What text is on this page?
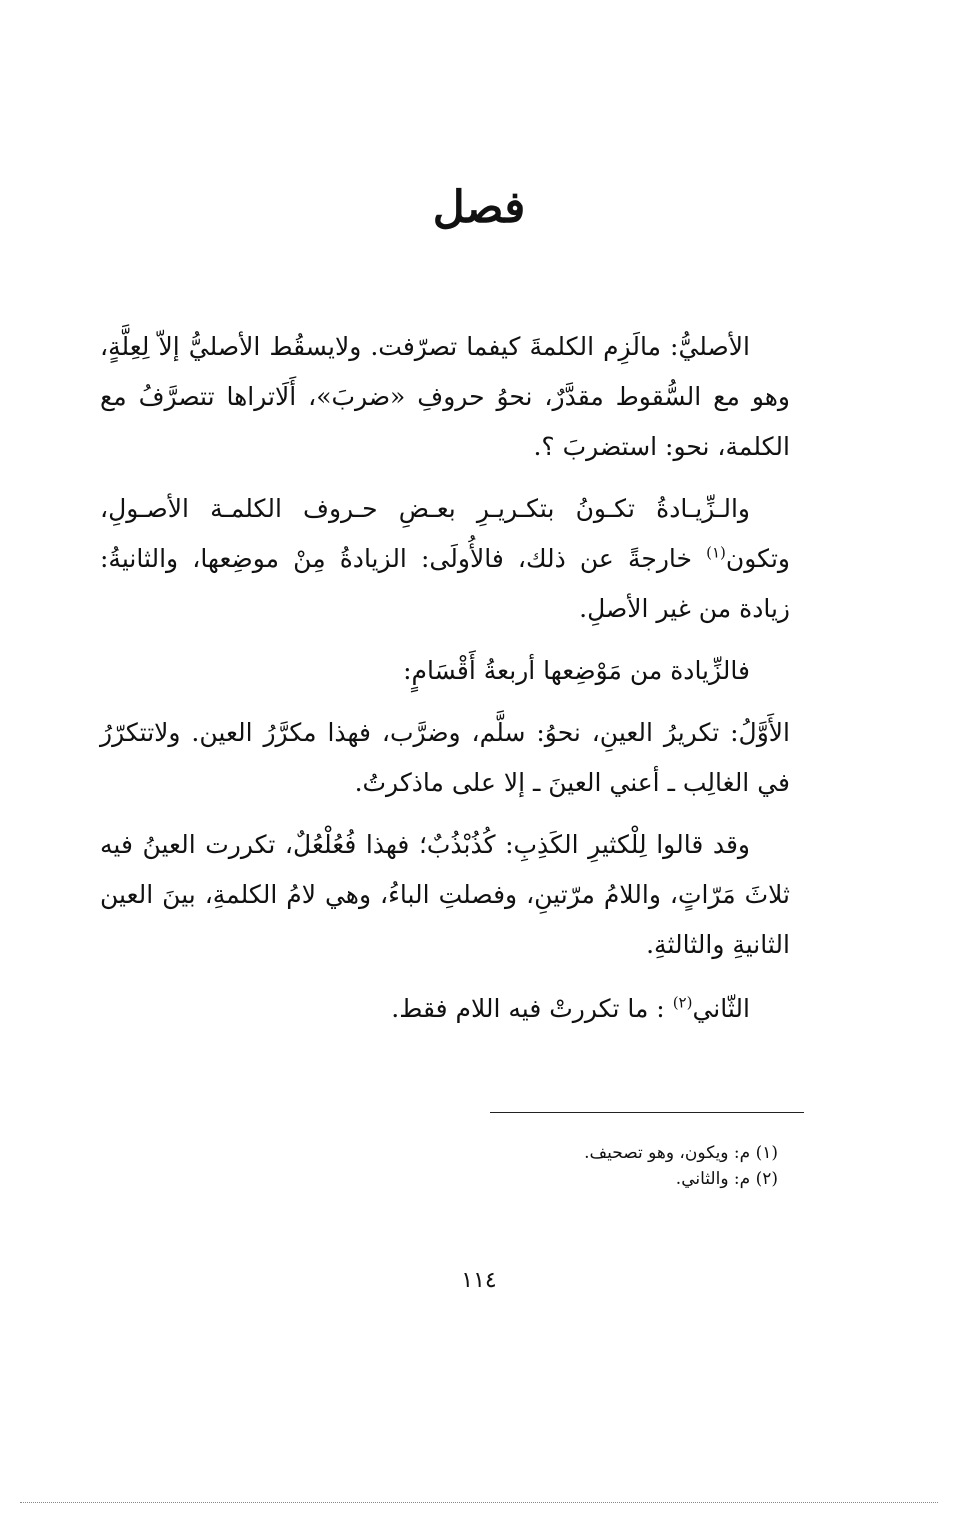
فصل

الأصليُّ: مالَزِم الكلمةَ كيفما تصرّفت. ولايسقُط الأصليُّ إلاّ لِعِلَّةٍ، وهو مع السُّقوط مقدَّرٌ، نحوُ حروفِ «ضربَ»، أَلَاتراها تتصرَّفُ مع الكلمة، نحو: استضربَ ؟.

والـزِّيـادةُ تكـونُ بتكـريـرِ بعـضِ حـروف الكلمـة الأصـولِ، وتكون$^{(١)}$ خارجةً عن ذلك، فالأُولَى: الزيادةُ مِنْ موضِعها، والثانيةُ: زيادة من غير الأصلِ.

فالزِّيادة من مَوْضِعها أربعةُ أَقْسَامٍ:

الأَوَّلُ: تكريرُ العينِ، نحوُ: سلَّم، وضرَّب، فهذا مكرَّرُ العين. ولاتتكرّرُ في الغالِب ـ أعني العينَ ـ إلا على ماذكرتُ.

وقد قالوا لِلْكثيرِ الكَذِبِ: كُذُبْذُبٌ؛ فهذا فُعُلْعُلٌ، تكررت العينُ فيه ثلاثَ مَرّاتٍ، واللامُ مرّتينِ، وفصلتِ الباءُ، وهي لامُ الكلمةِ، بينَ العين الثانيةِ والثالثةِ.

الثّاني$^{(٢)}$ : ما تكررتْ فيه اللام فقط.

(١) م: ويكون، وهو تصحيف.
(٢) م: والثاني.
١١٤
